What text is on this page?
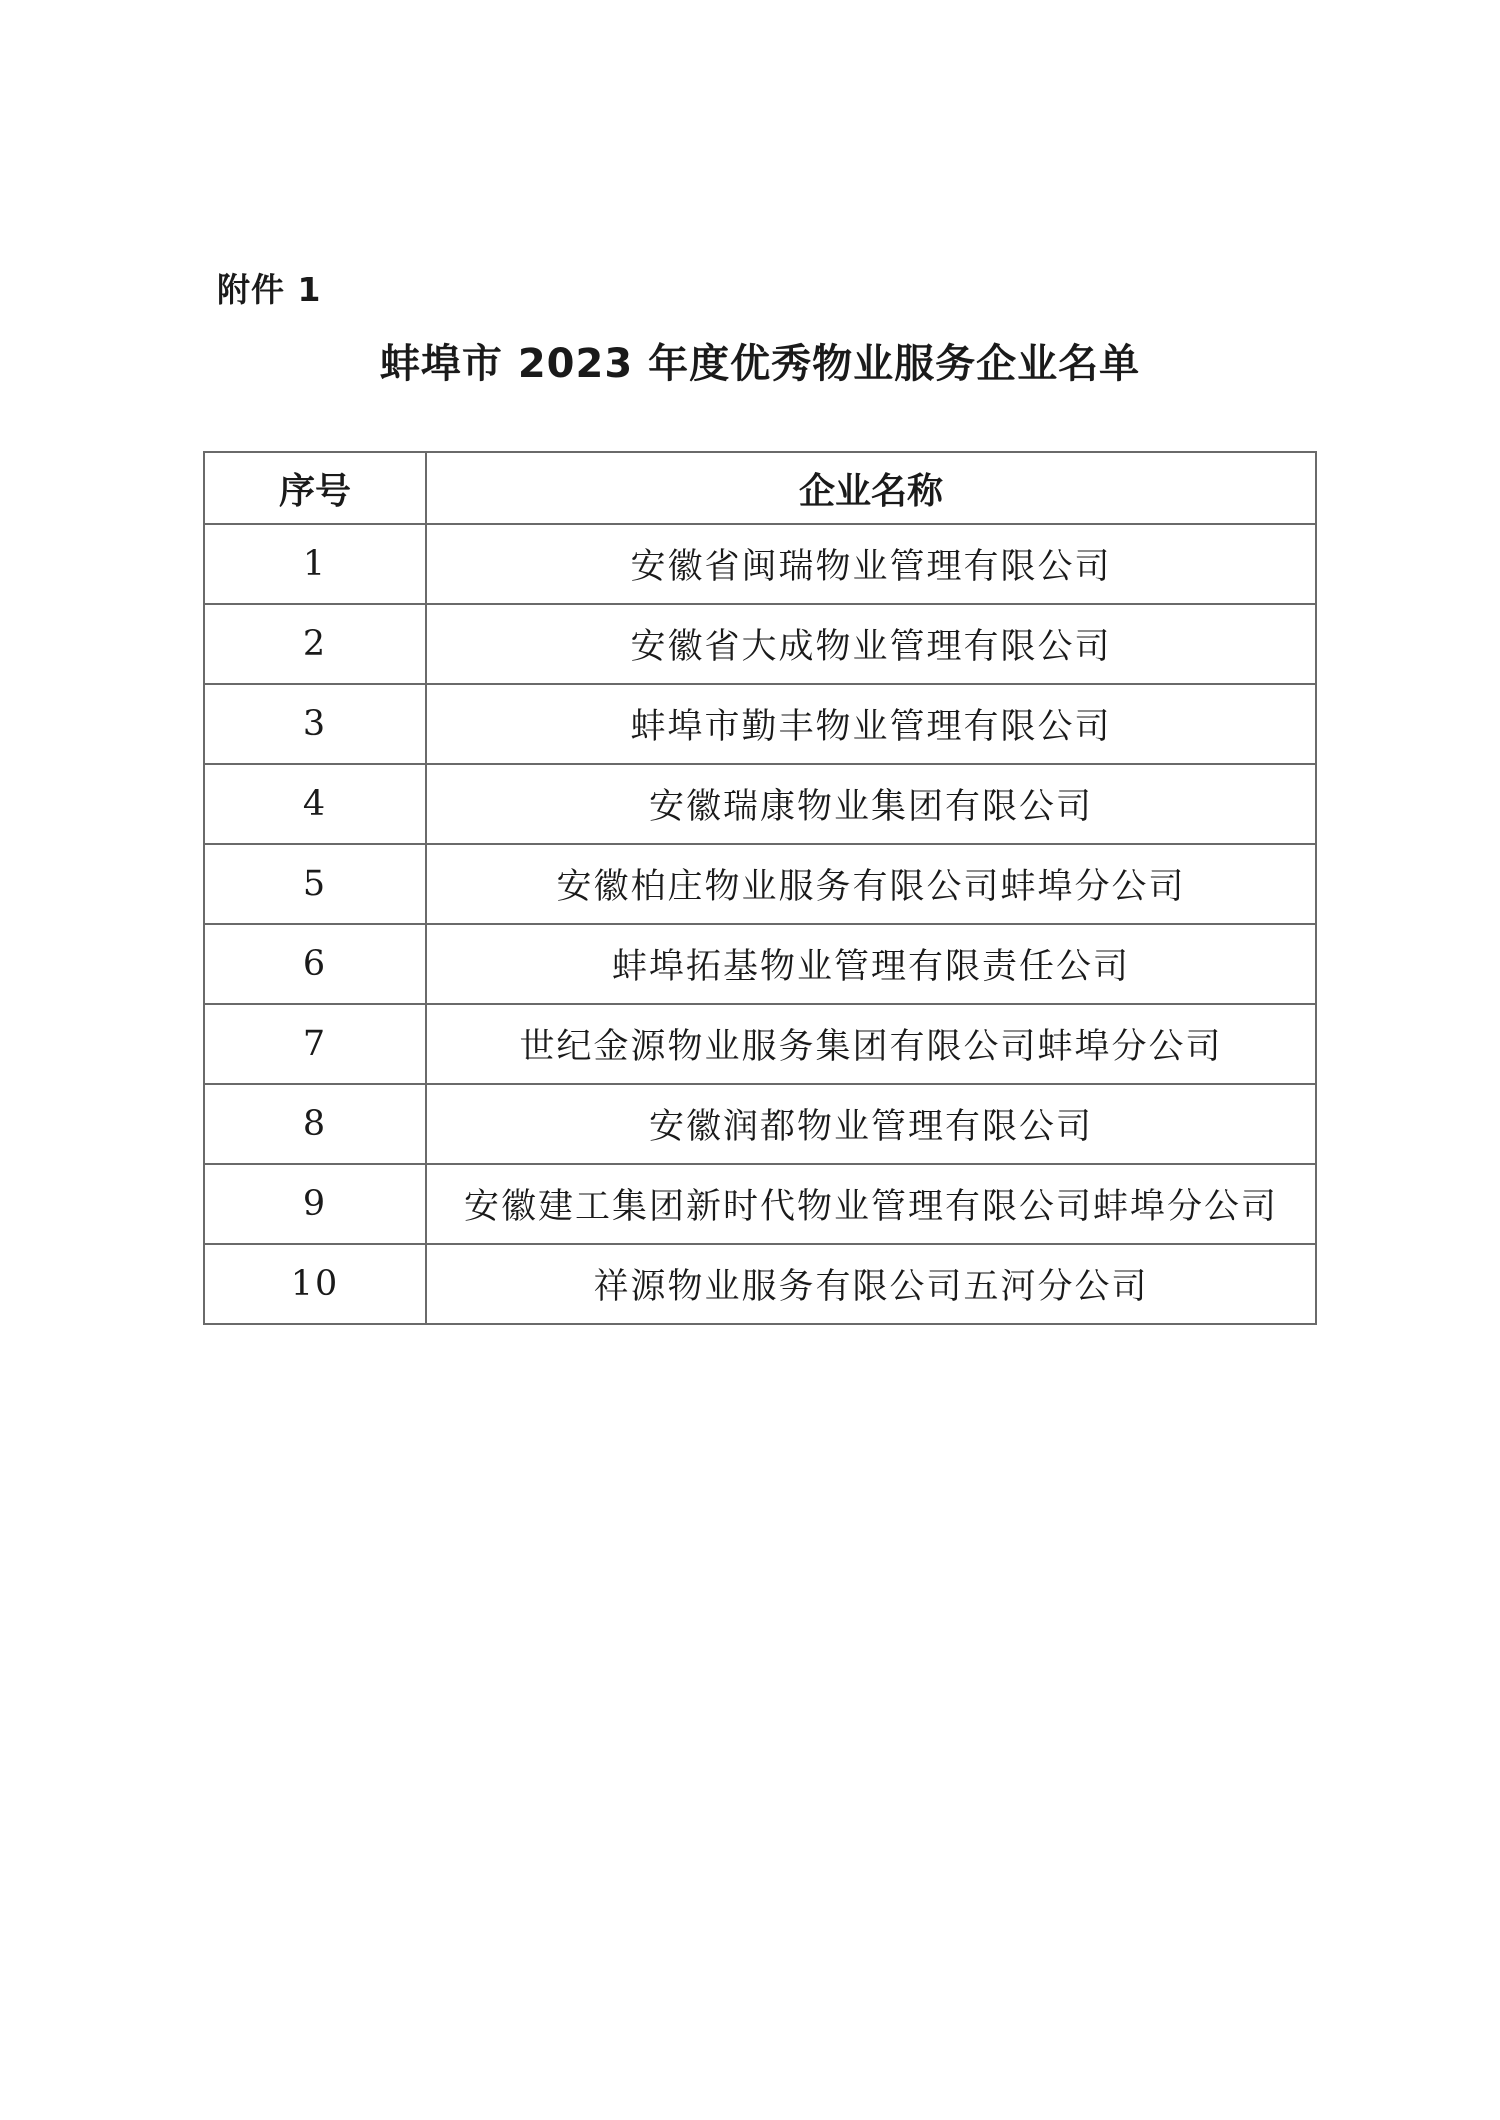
附件 1
蚌埠市 2023 年度优秀物业服务企业名单
序号	企业名称
1	安徽省闽瑞物业管理有限公司
2	安徽省大成物业管理有限公司
3	蚌埠市勤丰物业管理有限公司
4	安徽瑞康物业集团有限公司
5	安徽柏庄物业服务有限公司蚌埠分公司
6	蚌埠拓基物业管理有限责任公司
7	世纪金源物业服务集团有限公司蚌埠分公司
8	安徽润都物业管理有限公司
9	安徽建工集团新时代物业管理有限公司蚌埠分公司
10	祥源物业服务有限公司五河分公司
